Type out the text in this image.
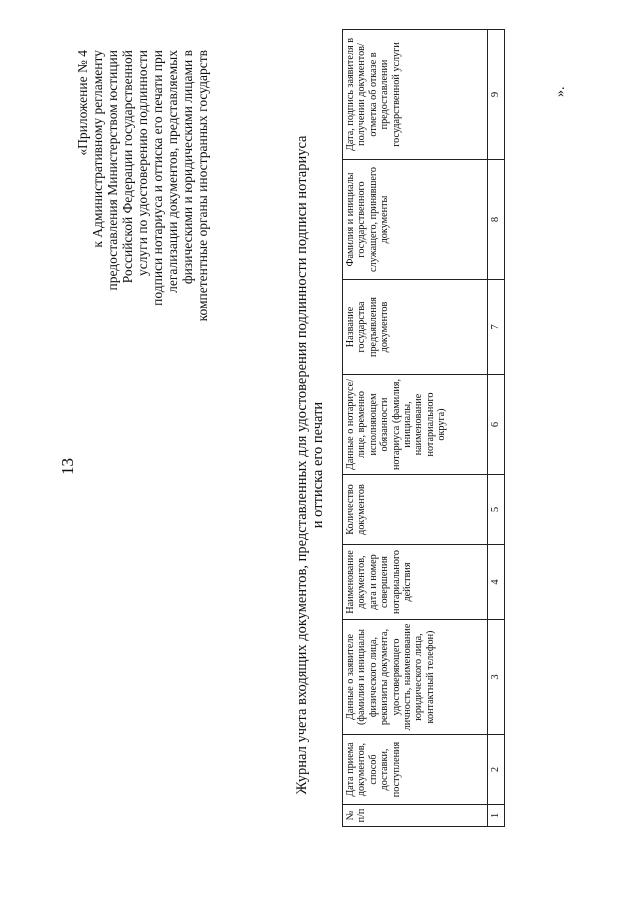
13
«Приложение № 4 к Административному регламенту предоставления Министерством юстиции Российской Федерации государственной услуги по удостоверению подлинности подписи нотариуса и оттиска его печати при легализации документов, представляемых физическими и юридическими лицами в компетентные органы иностранных государств	Журнал учета входящих документов, представленных для удостоверения подлинности подписи нотариуса и оттиска его печати
№ п/п	Дата приема документов, способ доставки, поступления	Данные о заявителе (фамилия и инициалы физического лица, реквизиты документа, удостоверяющего личность, наименование юридического лица, контактный телефон)	Наименование документов, дата и номер совершения нотариального действия	Количество документов	Данные о нотариусе/лице, временно исполняющем обязанности нотариуса (фамилия, инициалы, наименование нотариального округа)	Название государства предъявления документов	Фамилия и инициалы государственного служащего, принявшего документы	Дата, подпись заявителя в получении документов/ отметка об отказе в предоставлении государственной услуги
1	2	3	4	5	6	7	8	9	».
